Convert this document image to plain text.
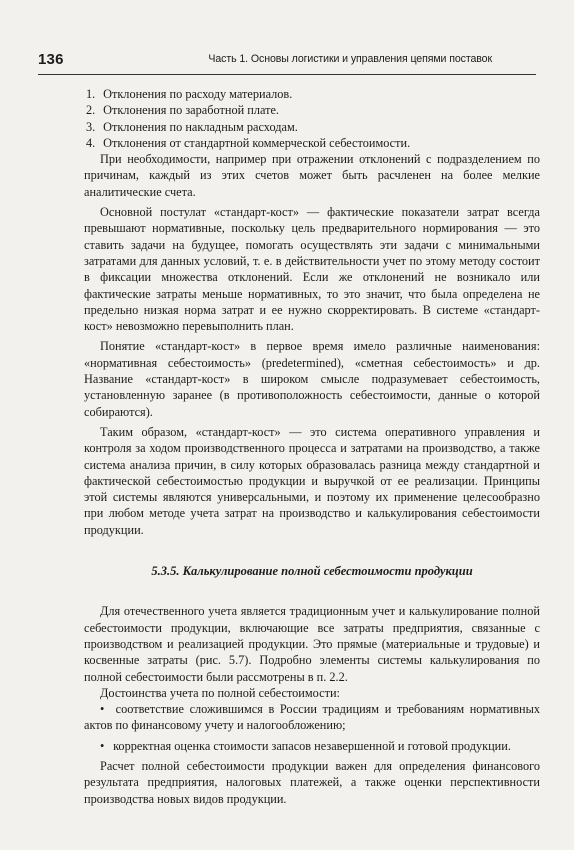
136	Часть 1. Основы логистики и управления цепями поставок
1. Отклонения по расходу материалов.
2. Отклонения по заработной плате.
3. Отклонения по накладным расходам.
4. Отклонения от стандартной коммерческой себестоимости.

При необходимости, например при отражении отклонений с подразделением по причинам, каждый из этих счетов может быть расчленен на более мелкие аналитические счета.

Основной постулат «стандарт-кост» — фактические показатели затрат всегда превышают нормативные, поскольку цель предварительного нормирования — это ставить задачи на будущее, помогать осуществлять эти задачи с минимальными затратами для данных условий, т. е. в действительности учет по этому методу состоит в фиксации множества отклонений. Если же отклонений не возникало или фактические затраты меньше нормативных, то это значит, что была определена не предельно низкая норма затрат и ее нужно скорректировать. В системе «стандарт-кост» невозможно перевыполнить план.

Понятие «стандарт-кост» в первое время имело различные наименования: «нормативная себестоимость» (predetermined), «сметная себестоимость» и др. Название «стандарт-кост» в широком смысле подразумевает себестоимость, установленную заранее (в противоположность себестоимости, данные о которой собираются).

Таким образом, «стандарт-кост» — это система оперативного управления и контроля за ходом производственного процесса и затратами на производство, а также система анализа причин, в силу которых образовалась разница между стандартной и фактической себестоимостью продукции и выручкой от ее реализации. Принципы этой системы являются универсальными, и поэтому их применение целесообразно при любом методе учета затрат на производство и калькулирования себестоимости продукции.

5.3.5. Калькулирование полной себестоимости продукции

Для отечественного учета является традиционным учет и калькулирование полной себестоимости продукции, включающие все затраты предприятия, связанные с производством и реализацией продукции. Это прямые (материальные и трудовые) и косвенные затраты (рис. 5.7). Подробно элементы системы калькулирования по полной себестоимости были рассмотрены в п. 2.2.

Достоинства учета по полной себестоимости:

• соответствие сложившимся в России традициям и требованиям нормативных актов по финансовому учету и налогообложению;
• корректная оценка стоимости запасов незавершенной и готовой продукции.

Расчет полной себестоимости продукции важен для определения финансового результата предприятия, налоговых платежей, а также оценки перспективности производства новых видов продукции.
